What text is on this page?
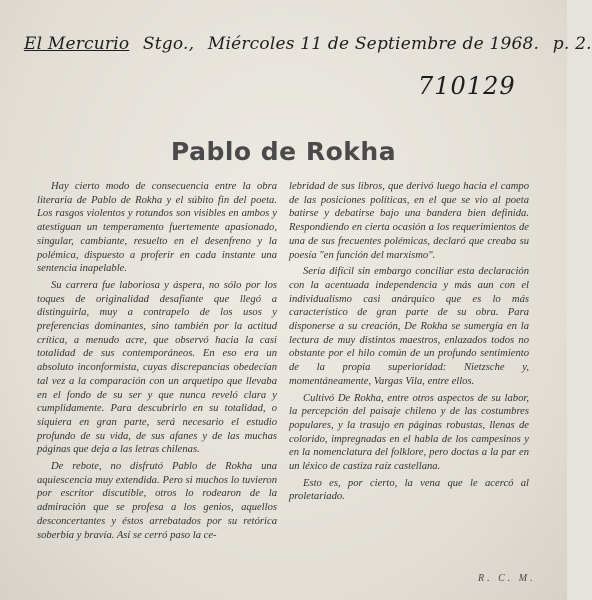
El Mercurio Stgo., Miércoles 11 de Septiembre de 1968. p. 2.
710129
Pablo de Rokha

Hay cierto modo de consecuencia entre la obra literaria de Pablo de Rokha y el súbito fin del poeta. Los rasgos violentos y rotundos son visibles en ambos y atestiguan un temperamento fuertemente apasionado, singular, cambiante, resuelto en el desenfreno y la polémica, dispuesto a proferir en cada instante una sentencia inapelable.

Su carrera fue laboriosa y áspera, no sólo por los toques de originalidad desafiante que llegó a distinguirla, muy a contrapelo de los usos y preferencias dominantes, sino también por la actitud crítica, a menudo acre, que observó hacia la casi totalidad de sus contemporáneos. En eso era un absoluto inconformista, cuyas discrepancias obedecían tal vez a la comparación con un arquetipo que llevaba en el fondo de su ser y que nunca reveló clara y cumplidamente. Para descubrirlo en su totalidad, o siquiera en gran parte, será necesario el estudio profundo de su vida, de sus afanes y de las muchas páginas que deja a las letras chilenas.

De rebote, no disfrutó Pablo de Rokha una aquiescencia muy extendida. Pero si muchos lo tuvieron por escritor discutible, otros lo rodearon de la admiración que se profesa a los genios, aquellos desconcertantes y éstos arrebatados por su retórica soberbia y bravía. Así se cerró paso la ce-

lebridad de sus libros, que derivó luego hacia el campo de las posiciones políticas, en el que se vio al poeta batirse y debatirse bajo una bandera bien definida. Respondiendo en cierta ocasión a los requerimientos de una de sus frecuentes polémicas, declaró que creaba su poesía "en función del marxismo".

Sería difícil sin embargo conciliar esta declaración con la acentuada independencia y más aun con el individualismo casi anárquico que es lo más característico de gran parte de su obra. Para disponerse a su creación, De Rokha se sumergía en la lectura de muy distintos maestros, enlazados todos no obstante por el hilo común de un profundo sentimiento de la propia superioridad: Nietzsche y, momentáneamente, Vargas Vila, entre ellos.

Cultivó De Rokha, entre otros aspectos de su labor, la percepción del paisaje chileno y de las costumbres populares, y la trasujo en páginas robustas, llenas de colorido, impregnadas en el habla de los campesinos y en la nomenclatura del folklore, pero doctas a la par en un léxico de castiza raíz castellana.

Esto es, por cierto, la vena que le acercó al proletariado.

R. C. M.
